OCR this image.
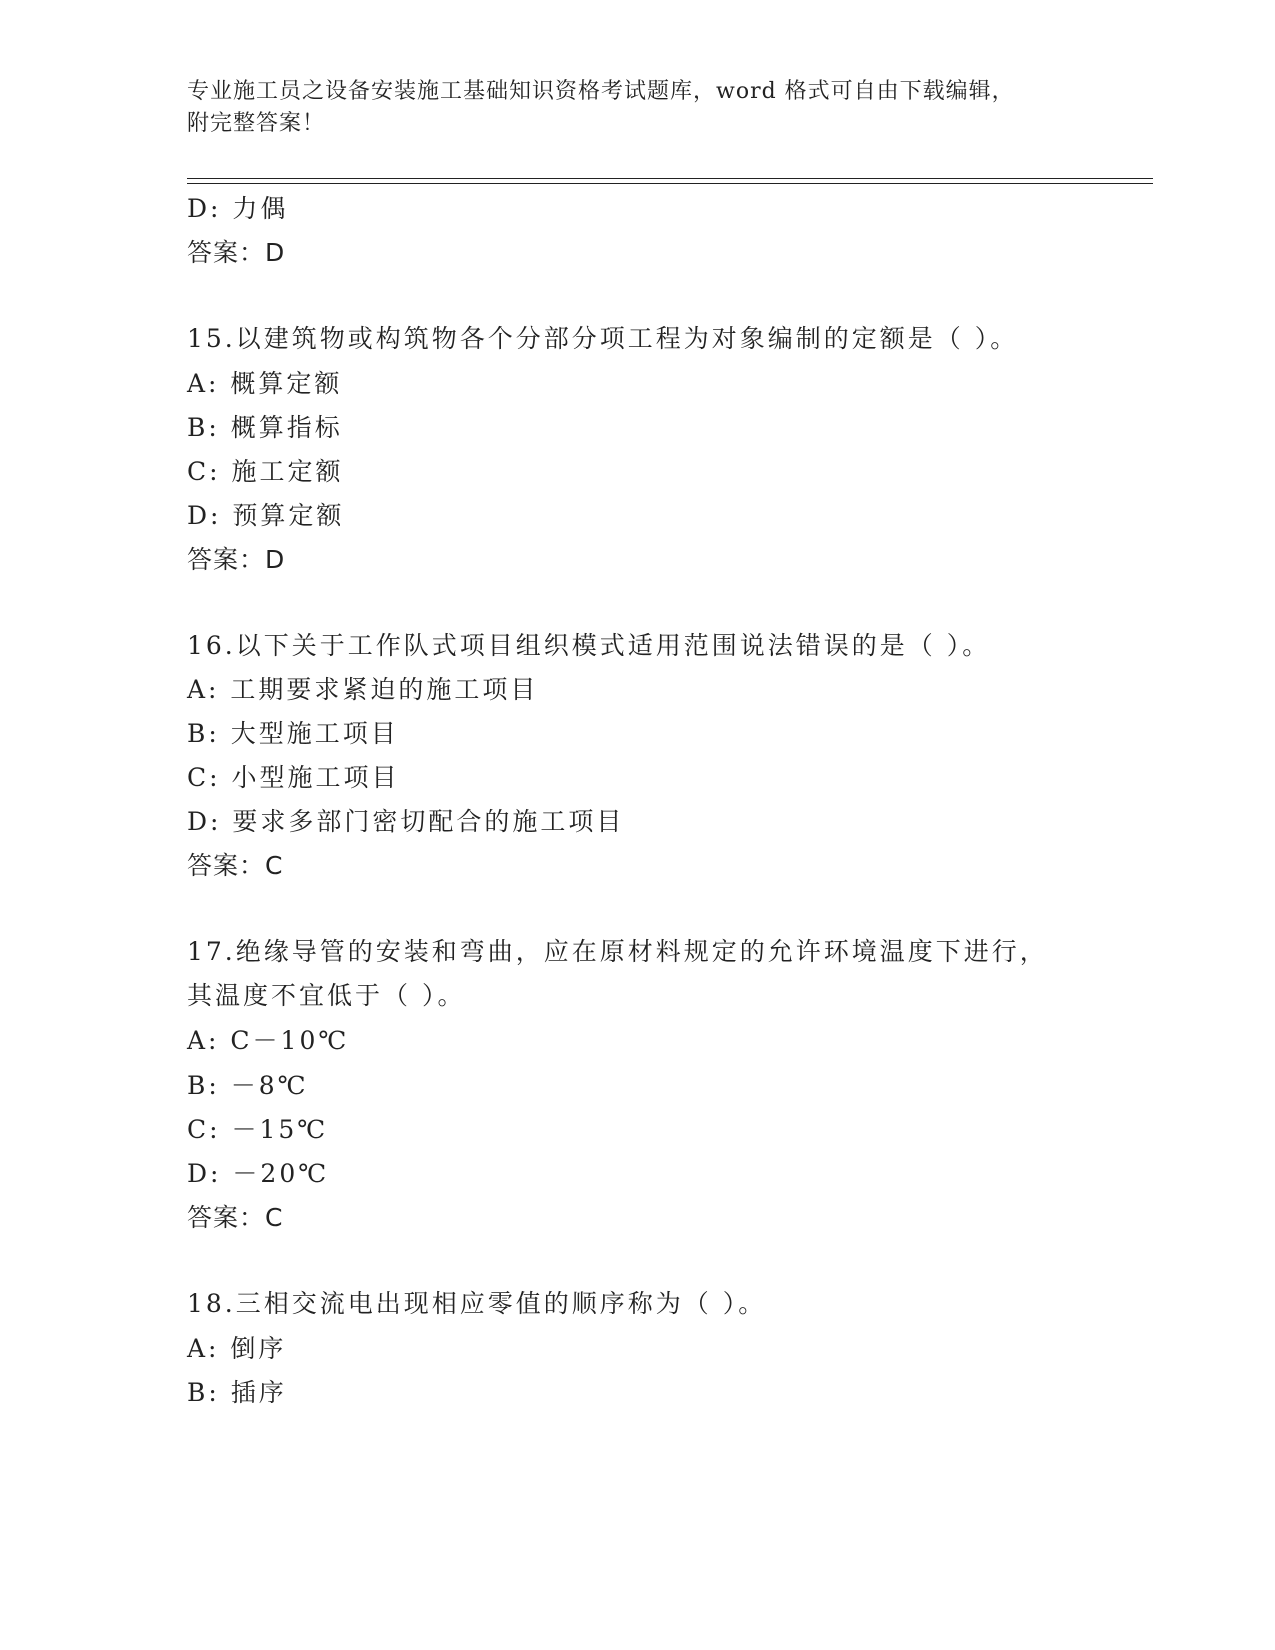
专业施工员之设备安装施工基础知识资格考试题库，word 格式可自由下载编辑，
附完整答案！
D: 力偶
答案：D
15.以建筑物或构筑物各个分部分项工程为对象编制的定额是（ ）。
A: 概算定额
B: 概算指标
C: 施工定额
D: 预算定额
答案：D
16.以下关于工作队式项目组织模式适用范围说法错误的是（ ）。
A: 工期要求紧迫的施工项目
B: 大型施工项目
C: 小型施工项目
D: 要求多部门密切配合的施工项目
答案：C
17.绝缘导管的安装和弯曲，应在原材料规定的允许环境温度下进行，
其温度不宜低于（ ）。
A: C－10℃
B: －8℃
C: －15℃
D: －20℃
答案：C
18.三相交流电出现相应零值的顺序称为（ ）。
A: 倒序
B: 插序
